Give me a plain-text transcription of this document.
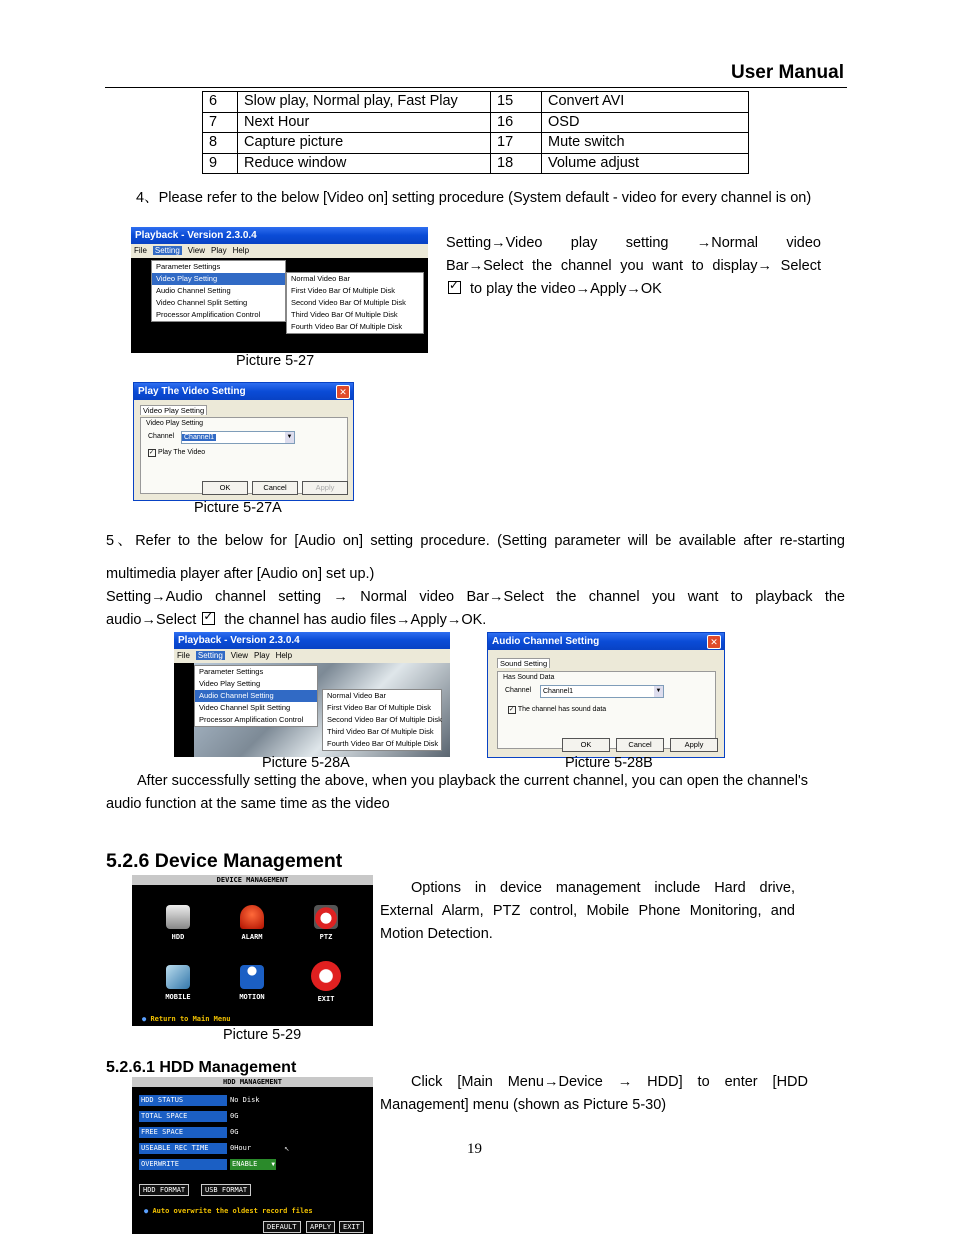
User Manual
6	Slow play, Normal play, Fast Play	15	Convert AVI
7	Next Hour	16	OSD
8	Capture picture	17	Mute switch
9	Reduce window	18	Volume adjust
4、Please refer to the below [Video on] setting procedure (System default - video for every channel is on)
Playback - Version 2.3.0.4
File Setting View Play Help
Parameter Settings
Video Play Setting
Audio Channel Setting
Video Channel Split Setting
Processor Amplification Control
Normal Video Bar
First Video Bar Of Multiple Disk
Second Video Bar Of Multiple Disk
Third Video Bar Of Multiple Disk
Fourth Video Bar Of Multiple Disk
Picture 5-27
Setting→Video play setting →Normal video
Bar→Select the channel you want to display→ Select
✓ to play the video→Apply→OK
Play The Video Setting	✕
Video Play Setting
Video Play Setting
Channel	Channel1	▼
✓ Play The Video
OK	Cancel	Apply
Picture 5-27A
5、Refer to the below for [Audio on] setting procedure. (Setting parameter will be available after re-starting
multimedia player after [Audio on] set up.)
Setting→Audio channel setting → Normal video Bar→Select the channel you want to playback the
audio→Select ✓ the channel has audio files→Apply→OK.
Playback - Version 2.3.0.4
File Setting View Play Help
Parameter Settings
Video Play Setting
Audio Channel Setting
Video Channel Split Setting
Processor Amplification Control
Normal Video Bar
First Video Bar Of Multiple Disk
Second Video Bar Of Multiple Disk
Third Video Bar Of Multiple Disk
Fourth Video Bar Of Multiple Disk
Picture 5-28A
Audio Channel Setting	✕
Sound Setting
Has Sound Data
Channel	Channel1	▼
✓ The channel has sound data
OK	Cancel	Apply
Picture 5-28B
After successfully setting the above, when you playback the current channel, you can open the channel's
audio function at the same time as the video
5.2.6 Device Management
Options in device management include Hard drive,
External Alarm, PTZ control, Mobile Phone Monitoring, and
Motion Detection.
DEVICE MANAGEMENT
HDD	ALARM	PTZ
MOBILE	MOTION	EXIT
● Return to Main Menu
Picture 5-29
5.2.6.1 HDD Management
Click [Main Menu→Device → HDD] to enter [HDD
Management] menu (shown as Picture 5-30)
HDD MANAGEMENT
HDD STATUS	No Disk
TOTAL SPACE	0G
FREE SPACE	0G
USEABLE REC TIME	0Hour
OVERWRITE	ENABLE ▼
↖
HDD FORMAT	USB FORMAT
● Auto overwrite the oldest record files
DEFAULT	APPLY	EXIT
19
